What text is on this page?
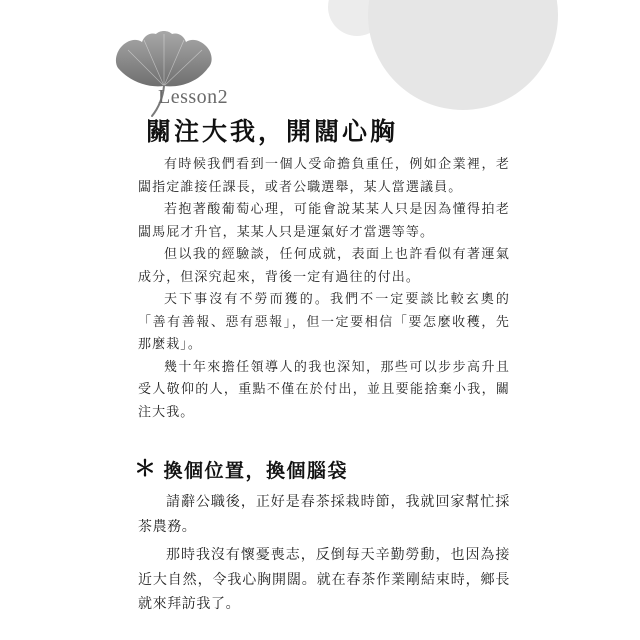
Lesson2
關注大我，開闊心胸

有時候我們看到一個人受命擔負重任，例如企業裡，老闆指定誰接任課長，或者公職選舉，某人當選議員。

若抱著酸葡萄心理，可能會說某某人只是因為懂得拍老闆馬屁才升官，某某人只是運氣好才當選等等。

但以我的經驗談，任何成就，表面上也許看似有著運氣成分，但深究起來，背後一定有過往的付出。

天下事沒有不勞而獲的。我們不一定要談比較玄奧的「善有善報、惡有惡報」，但一定要相信「要怎麼收穫，先那麼栽」。

幾十年來擔任領導人的我也深知，那些可以步步高升且受人敬仰的人，重點不僅在於付出，並且要能捨棄小我，關注大我。

＊ 換個位置，換個腦袋

請辭公職後，正好是春茶採栽時節，我就回家幫忙採茶農務。

那時我沒有懷憂喪志，反倒每天辛勤勞動，也因為接近大自然，令我心胸開闊。就在春茶作業剛結束時，鄉長就來拜訪我了。
